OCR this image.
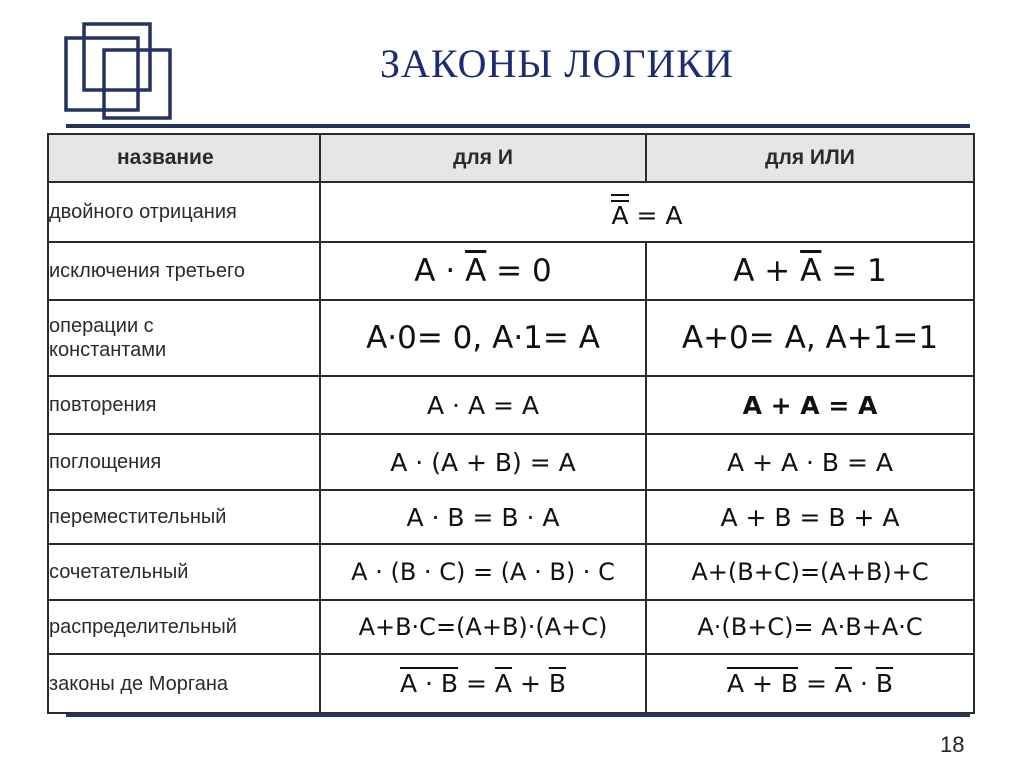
ЗАКОНЫ ЛОГИКИ
название	для И	для ИЛИ
двойного отрицания	A = A	
исключения третьего	$A \cdot \overline{A} = 0$	$A + \overline{A} = 1$
операции с
константами	A·0= 0, A·1= A	A+0= A, A+1=1
повторения	A · A = A	A + A = A
поглощения	A · (A + B) = A	A + A · B = A
переместительный	A · B = B · A	A + B = B + A
сочетательный	A · (B · C) = (A · B) · C	A+(B+C)=(A+B)+C
распределительный	A+B·C=(A+B)·(A+C)	A·(B+C)= A·B+A·C
законы де Моргана	$A \cdot B = \overline{A} + \overline{B}$	$A + B = \overline{A} \cdot \overline{B}$
18
